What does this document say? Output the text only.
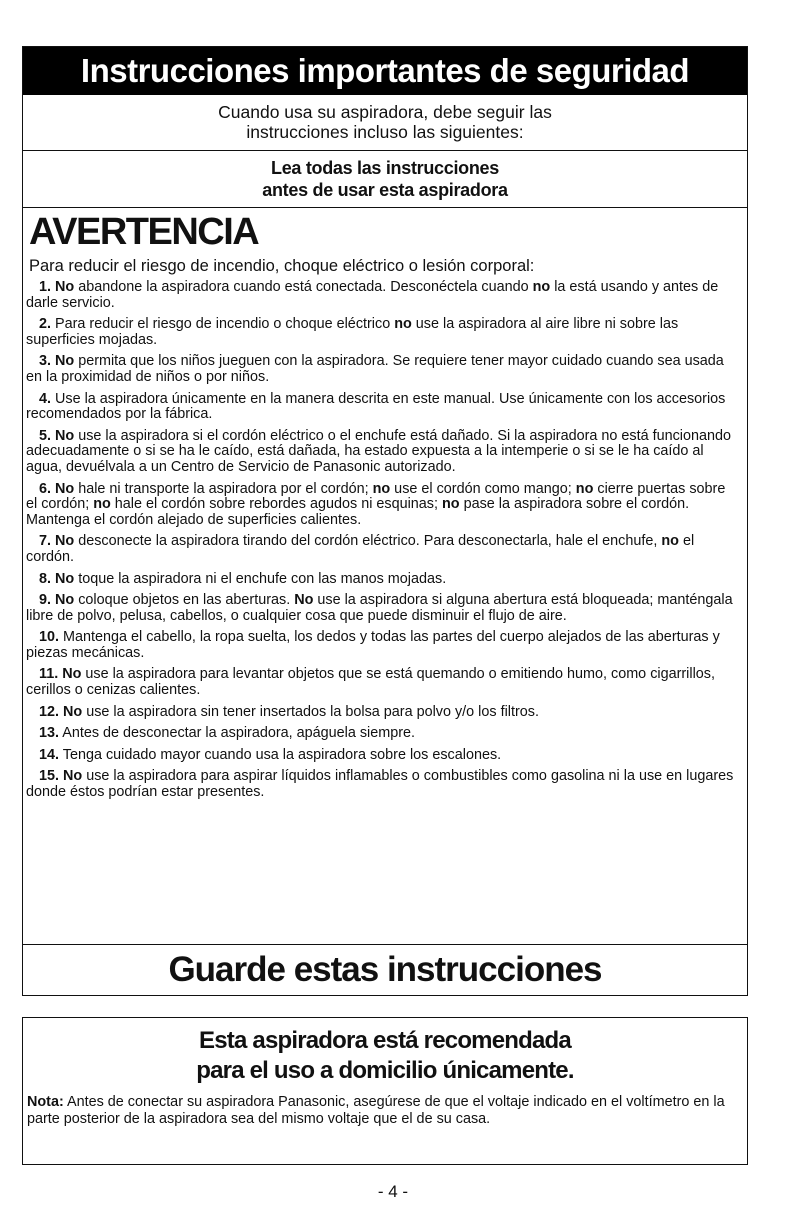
Instrucciones importantes de seguridad
Cuando usa su aspiradora, debe seguir las
instrucciones incluso las siguientes:
Lea todas las instrucciones
antes de usar esta aspiradora
AVERTENCIA
Para reducir el riesgo de incendio, choque eléctrico o lesión corporal:
1. No abandone la aspiradora cuando está conectada. Desconéctela cuando no la está usando y antes de darle servicio.
2. Para reducir el riesgo de incendio o choque eléctrico no use la aspiradora al aire libre ni sobre las superficies mojadas.
3. No permita que los niños jueguen con la aspiradora. Se requiere tener mayor cuidado cuando sea usada en la proximidad de niños o por niños.
4. Use la aspiradora únicamente en la manera descrita en este manual. Use únicamente con los accesorios recomendados por la fábrica.
5. No use la aspiradora si el cordón eléctrico o el enchufe está dañado. Si la aspiradora no está funcionando adecuadamente o si se ha le caído, está dañada, ha estado expuesta a la intemperie o si se le ha caído al agua, devuélvala a un Centro de Servicio de Panasonic autorizado.
6. No hale ni transporte la aspiradora por el cordón; no use el cordón como mango; no cierre puertas sobre el cordón; no hale el cordón sobre rebordes agudos ni esquinas; no pase la aspiradora sobre el cordón. Mantenga el cordón alejado de superficies calientes.
7. No desconecte la aspiradora tirando del cordón eléctrico. Para desconectarla, hale el enchufe, no el cordón.
8. No toque la aspiradora ni el enchufe con las manos mojadas.
9. No coloque objetos en las aberturas. No use la aspiradora si alguna abertura está bloqueada; manténgala libre de polvo, pelusa, cabellos, o cualquier cosa que puede disminuir el flujo de aire.
10. Mantenga el cabello, la ropa suelta, los dedos y todas las partes del cuerpo alejados de las aberturas y piezas mecánicas.
11. No use la aspiradora para levantar objetos que se está quemando o emitiendo humo, como cigarrillos, cerillos o cenizas calientes.
12. No use la aspiradora sin tener insertados la bolsa para polvo y/o los filtros.
13. Antes de desconectar la aspiradora, apáguela siempre.
14. Tenga cuidado mayor cuando usa la aspiradora sobre los escalones.
15. No use la aspiradora para aspirar líquidos inflamables o combustibles como gasolina ni la use en lugares donde éstos podrían estar presentes.
Guarde estas instrucciones
Esta aspiradora está recomendada
para el uso a domicilio únicamente.
Nota: Antes de conectar su aspiradora Panasonic, asegúrese de que el voltaje indicado en el voltímetro en la parte posterior de la aspiradora sea del mismo voltaje que el de su casa.
- 4 -
